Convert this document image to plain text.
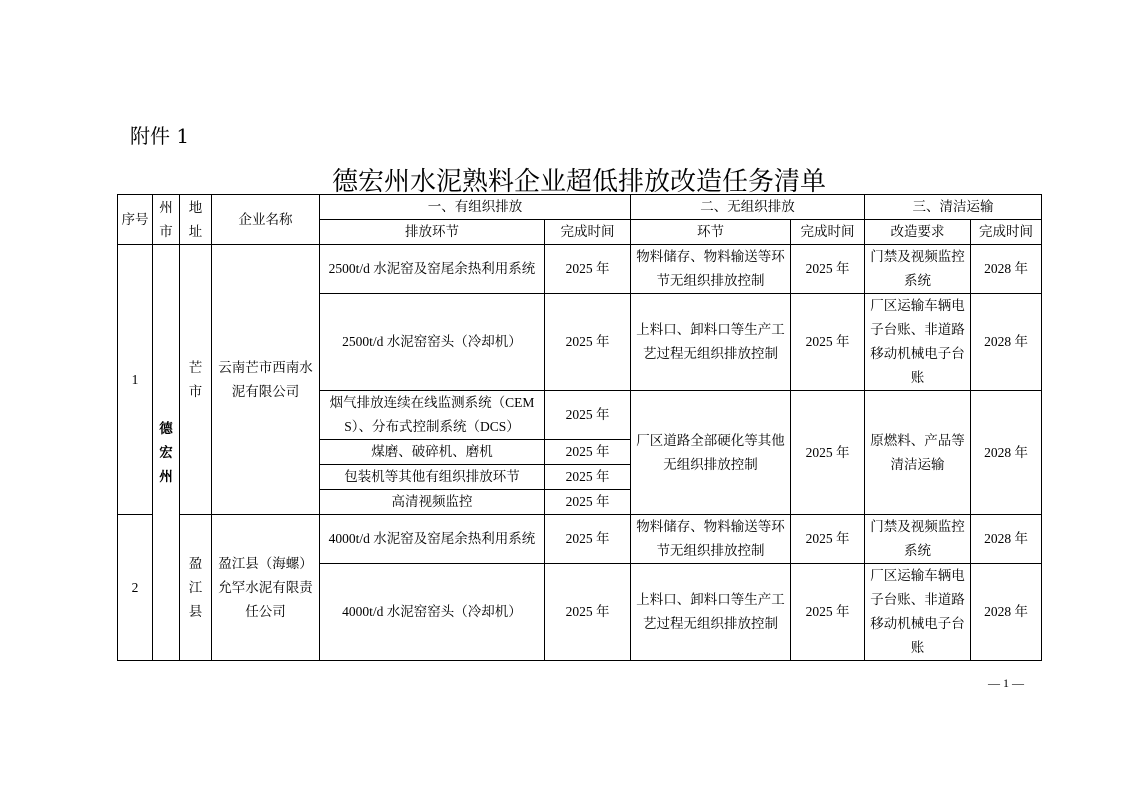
附件 1
德宏州水泥熟料企业超低排放改造任务清单
序号	州市	地址	企业名称	一、有组织排放		二、无组织排放		三、清洁运输	
				排放环节	完成时间	环节	完成时间	改造要求	完成时间
1	德宏州	芒市	云南芒市西南水泥有限公司	2500t/d 水泥窑及窑尾余热利用系统	2025 年	物料储存、物料输送等环节无组织排放控制	2025 年	门禁及视频监控系统	2028 年
				2500t/d 水泥窑窑头（冷却机）	2025 年	上料口、卸料口等生产工艺过程无组织排放控制	2025 年	厂区运输车辆电子台账、非道路移动机械电子台账	2028 年
				烟气排放连续在线监测系统（CEMS）、分布式控制系统（DCS）	2025 年	厂区道路全部硬化等其他无组织排放控制	2025 年	原燃料、产品等清洁运输	2028 年
				煤磨、破碎机、磨机	2025 年				
				包装机等其他有组织排放环节	2025 年				
				高清视频监控	2025 年				
2		盈江县	盈江县（海螺）允罕水泥有限责任公司	4000t/d 水泥窑及窑尾余热利用系统	2025 年	物料储存、物料输送等环节无组织排放控制	2025 年	门禁及视频监控系统	2028 年
				4000t/d 水泥窑窑头（冷却机）	2025 年	上料口、卸料口等生产工艺过程无组织排放控制	2025 年	厂区运输车辆电子台账、非道路移动机械电子台账	2028 年
— 1 —
